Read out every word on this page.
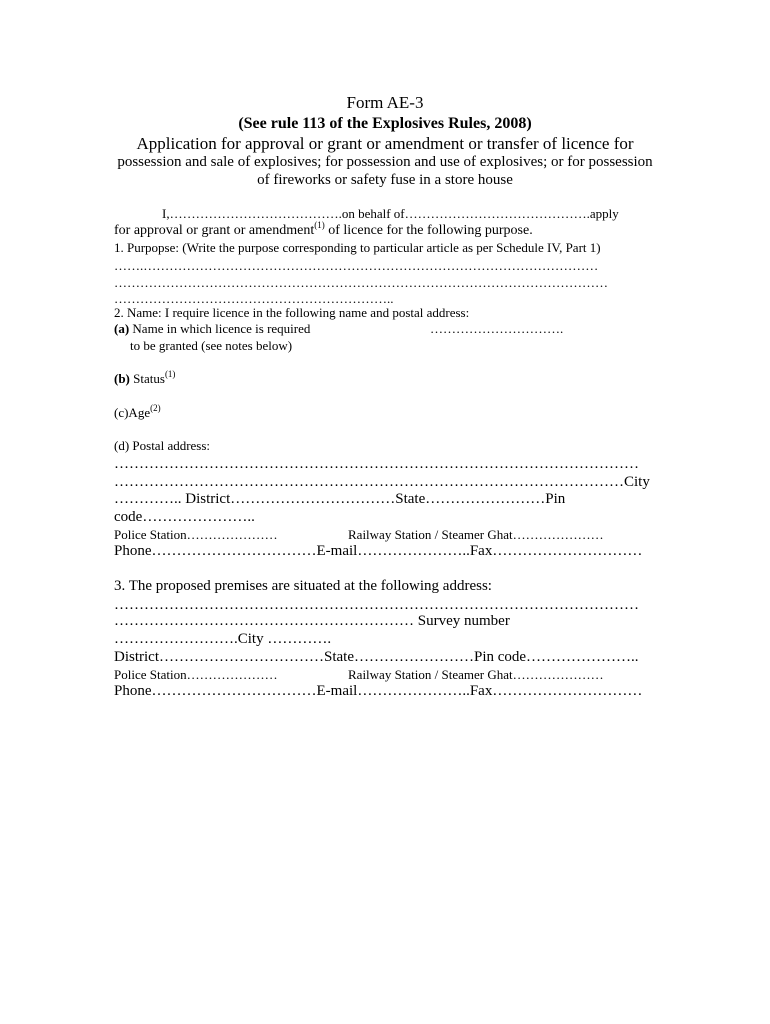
Form AE-3
(See rule 113 of the Explosives Rules, 2008)
Application for approval or grant or amendment or transfer of licence for
possession and sale of explosives; for possession and use of explosives; or for possession
of fireworks or safety fuse in a store house
I,………………………………….on behalf of…………………………………….apply
for approval or grant or amendment$^{(1)}$ of licence for the following purpose.
1. Purpopse: (Write the purpose corresponding to particular article as per Schedule IV, Part 1)
…….……………………………………………………………………………………………
……………………………………………………………………………………………………
………………………………………………………..
2. Name: I require licence in the following name and postal address:
(a) Name in which licence is required	………………………….
to be granted (see notes below)
(b) Status$^{(1)}$
(c)Age$^{(2)}$
(d) Postal address:
……………………………………………………………………………………………
…………………………………………………………………………………………City
………….. District……………………………State……………………Pin
code…………………..
Police Station…………………	Railway Station / Steamer Ghat…………………
Phone……………………………E-mail…………………..Fax…………………………
3. The proposed premises are situated at the following address:
……………………………………………………………………………………………
…………………………………………………… Survey number
…………………….City ………….
District……………………………State……………………Pin code…………………..
Police Station…………………	Railway Station / Steamer Ghat…………………
Phone……………………………E-mail…………………..Fax…………………………
